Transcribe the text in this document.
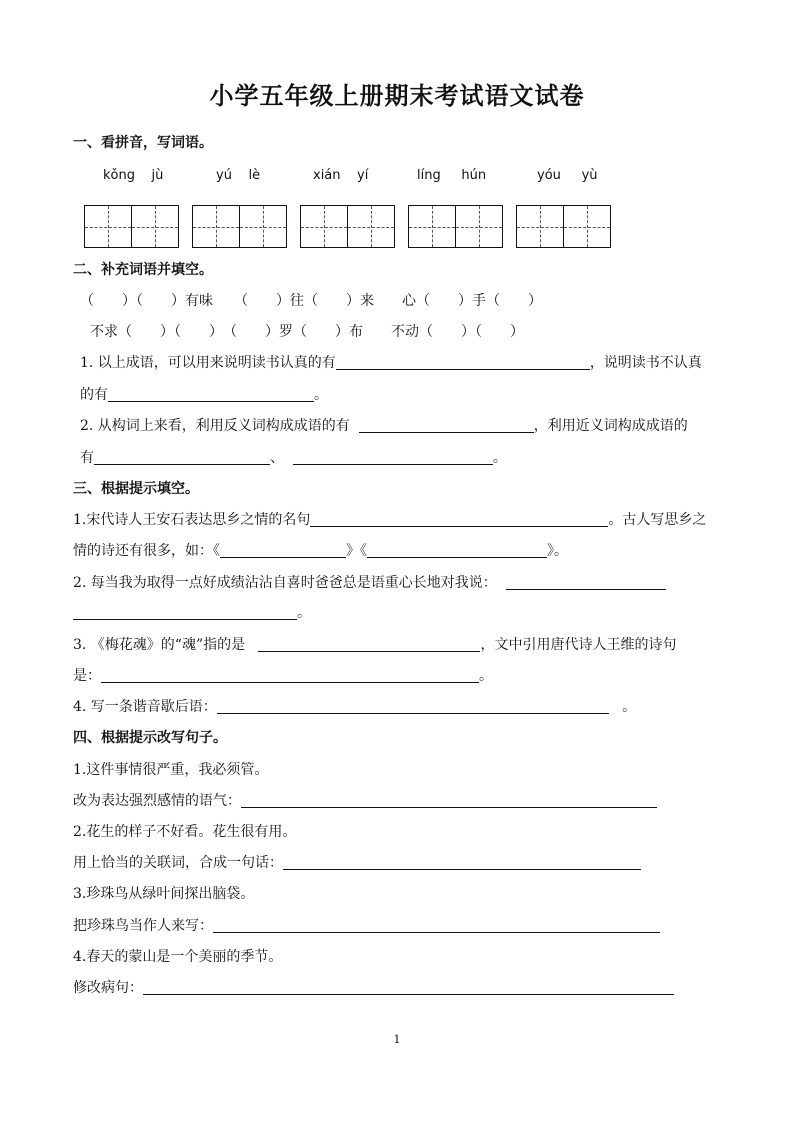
小学五年级上册期末考试语文试卷
一、看拼音，写词语。
kǒng jù	yú lè	xián yí	líng hún	yóu yù
二、补充词语并填空。
（　　）（　　）有味　　（　　）往（　　）来　　心（　　）手（　　）
不求（　　）（　　）　（　　）罗（　　）布　　不动（　　）（　　）
1. 以上成语，可以用来说明读书认真的有	，说明读书不认真
的有	。
2. 从构词上来看，利用反义词构成成语的有	，利用近义词构成成语的
有	、	。
三、根据提示填空。
1.宋代诗人王安石表达思乡之情的名句	。古人写思乡之
情的诗还有很多，如：《	》《	》。
2. 每当我为取得一点好成绩沾沾自喜时爸爸总是语重心长地对我说：
。
3. 《梅花魂》的“魂”指的是	，文中引用唐代诗人王维的诗句
是：	。
4. 写一条谐音歇后语：	。
四、根据提示改写句子。
1.这件事情很严重，我必须管。
改为表达强烈感情的语气：
2.花生的样子不好看。花生很有用。
用上恰当的关联词，合成一句话：
3.珍珠鸟从绿叶间探出脑袋。
把珍珠鸟当作人来写：
4.春天的蒙山是一个美丽的季节。
修改病句：
1
